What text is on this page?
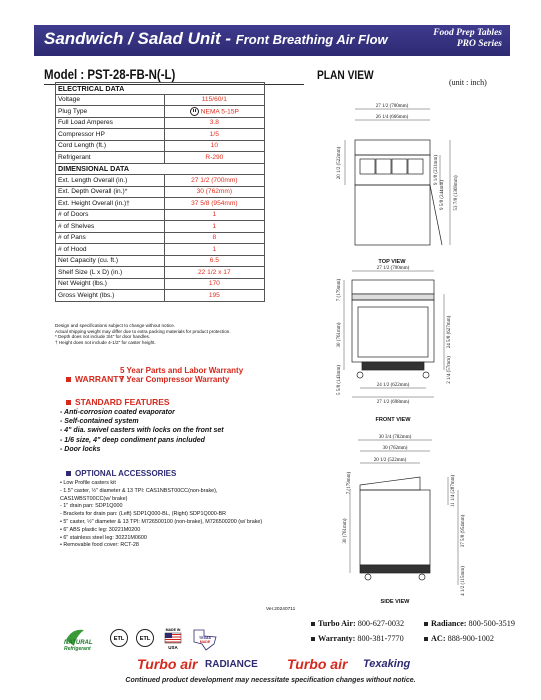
Sandwich / Salad Unit - Front Breathing Air Flow	Food Prep Tables
PRO Series
Model : PST-28-FB-N(-L)	PLAN VIEW
(unit : inch)
ELECTRICAL DATA	
Voltage	115/60/1
Plug Type	NEMA 5-15P
Full Load Amperes	3.8
Compressor HP	1/5
Cord Length (ft.)	10
Refrigerant	R-290
DIMENSIONAL DATA	
Ext. Length Overall (in.)	27 1/2 (700mm)
Ext. Depth Overall (in.)*	30 (762mm)
Ext. Height Overall (in.)†	37 5/8 (954mm)
# of Doors	1
# of Shelves	1
# of Pans	8
# of Hood	1
Net Capacity (cu. ft.)	6.5
Shelf Size (L x D) (in.)	22 1/2 x 17
Net Weight (lbs.)	170
Gross Weight (lbs.)	195
Design and specifications subject to change without notice.
Actual shipping weight may differ due to extra packing materials for product protection.
* Depth does not include 3/4" for door handles.
† Height does not include 4-1/2" for caster height.
WARRANTY :
5 Year Parts and Labor Warranty
7 Year Compressor Warranty
STANDARD FEATURES
- Anti-corrosion coated evaporator
- Self-contained system
- 4" dia. swivel casters with locks on the front set
- 1/6 size, 4" deep condiment pans included
- Door locks
OPTIONAL ACCESSORIES
• Low Profile casters kit
- 1.5" caster, ½" diameter & 13 TPI: CAS1NBST00CC(non-brake),
CAS1WBST00CC(w/ brake)
- 1" drain pan: SDP1Q000
- Brackets for drain pan: (Left) SDP1Q000-BL, (Right) SDP1Q000-BR
• 5" caster, ½" diameter & 13 TPI: M726500100 (non-brake), M726500200 (w/ brake)
• 6" ABS plastic leg: 30221M0200
• 6" stainless steel leg: 30221M0600
• Removable food cover: RCT-28
Ver.20240711
NATURAL
Refrigerant
ETL	ETL
MADE IN
USA
TEXAS
MADE
Turbo Air: 800-627-0032	Radiance: 800-500-3519
Warranty: 800-381-7770	AC: 888-900-1002
Turbo air RADIANCE Turbo air Texaking
Continued product development may necessitate specification changes without notice.
27 1/2 (700mm)
26 1/4 (666mm)
20 1/2 (522mm)	9 1/8 (231mm)
9 5/8 (244mm) 53 7/8 (1369mm)
TOP VIEW
27 1/2 (700mm)
7 (179mm)
30 (761mm)	24 5/8 (627mm)
2 1/4 (57mm)
5 5/8 (143mm)	24 1/2 (622mm)
27 1/2 (698mm)
FRONT VIEW
30 3/4 (782mm)
30 (762mm)
20 1/2 (522mm)
7 (179mm)	11 1/4 (287mm)
30 (761mm)	37 5/8 (954mm)
4 1/2 (115mm)
SIDE VIEW
